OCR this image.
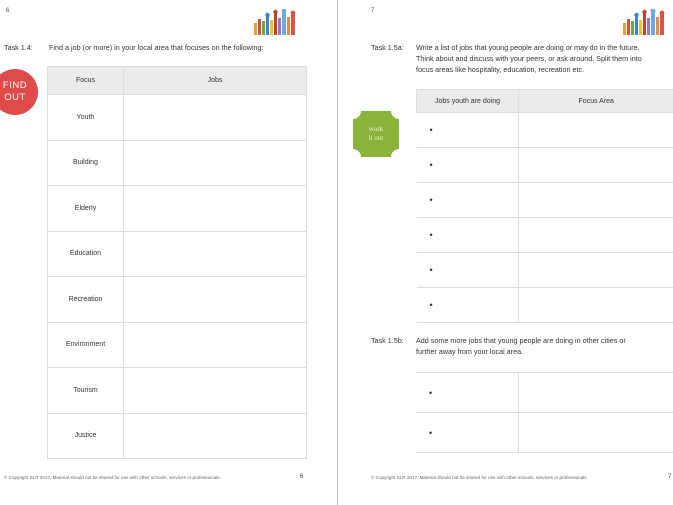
6
Task 1.4: Find a job (or more) in your local area that focuses on the following:
FIND
OUT
Focus	Jobs
Youth	
Building	
Elderly	
Education	
Recreation	
Environment	
Tourism	
Justice	
© Copyright SLR 2017. Material should not be shared for use with other schools, services or professionals.	6
7
Task 1.5a: Write a list of jobs that young people are doing or may do in the future.
Think about and discuss with your peers, or ask around. Split them into
focus areas like hospitality, education, recreation etc.
work
it out
Jobs youth are doing	Focus Area

•	

•	

•	

•	

•	

•	

Task 1.5b: Add some more jobs that young people are doing in other cities or
further away from your local area.
•	

•	

© Copyright SLR 2017. Material should not be shared for use with other schools, services or professionals.	7
